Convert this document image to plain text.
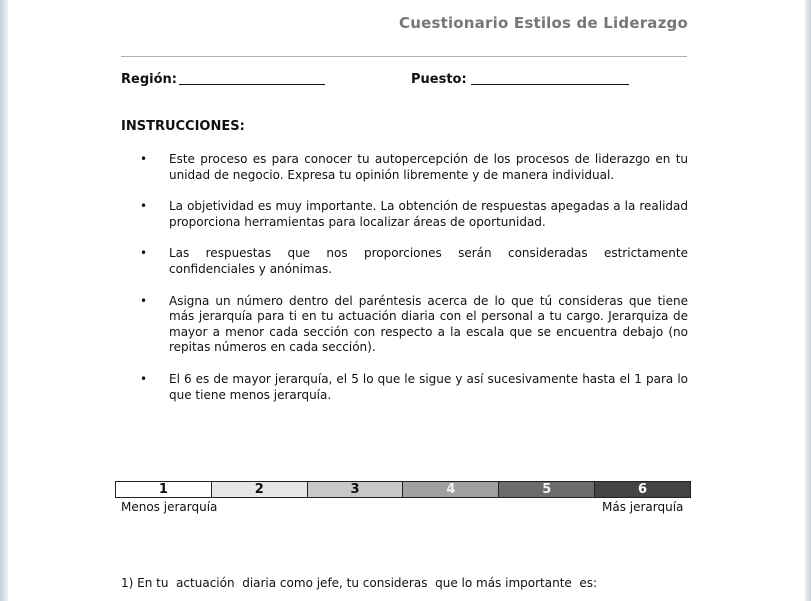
Cuestionario Estilos de Liderazgo
Región:	Puesto:
INSTRUCCIONES:
• Este proceso es para conocer tu autopercepción de los procesos de liderazgo en tu unidad de negocio. Expresa tu opinión libremente y de manera individual.
• La objetividad es muy importante. La obtención de respuestas apegadas a la realidad proporciona herramientas para localizar áreas de oportunidad.
• Las respuestas que nos proporciones serán consideradas estrictamente confidenciales y anónimas.
• Asigna un número dentro del paréntesis acerca de lo que tú consideras que tiene más jerarquía para ti en tu actuación diaria con el personal a tu cargo. Jerarquiza de mayor a menor cada sección con respecto a la escala que se encuentra debajo (no repitas números en cada sección).
• El 6 es de mayor jerarquía, el 5 lo que le sigue y así sucesivamente hasta el 1 para lo que tiene menos jerarquía.
1	2	3	4	5	6
Menos jerarquía	Más jerarquía
1) En tu  actuación  diaria como jefe, tu consideras  que lo más importante  es:
